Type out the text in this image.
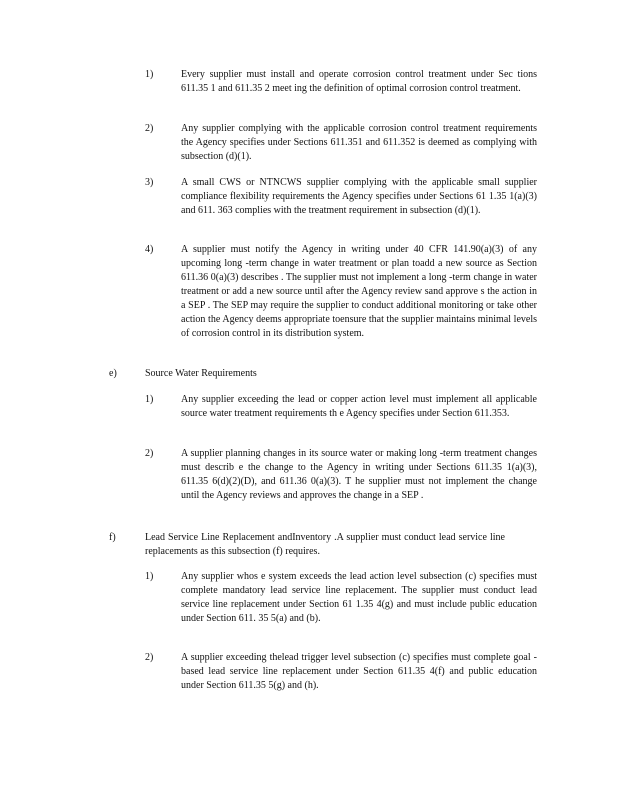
1)	Every supplier must install and operate corrosion control treatment under Sec tions 611.35 1 and 611.35 2 meet ing the definition of optimal corrosion control treatment.
2)	Any supplier complying with the applicable corrosion control treatment requirements the Agency specifies under Sections 611.351 and 611.352 is deemed as complying with subsection (d)(1).
3)	A small CWS or NTNCWS supplier complying with the applicable small supplier compliance flexibility requirements the Agency specifies under Sections 61 1.35 1(a)(3) and 611. 363 complies with the treatment requirement in subsection (d)(1).
4)	A supplier must notify the Agency in writing under 40 CFR 141.90(a)(3) of any upcoming long -term change in water treatment or plan toadd a new source as Section 611.36 0(a)(3) describes . The supplier must not implement a long -term change in water treatment or add a new source until after the Agency review sand approve s the action in a SEP . The SEP may require the supplier to conduct additional monitoring or take other action the Agency deems appropriate toensure that the supplier maintains minimal levels of corrosion control in its distribution system.
e)	Source Water Requirements
1)	Any supplier exceeding the lead or copper action level must implement all applicable source water treatment requirements th e Agency specifies under Section 611.353.
2)	A supplier planning changes in its source water or making long -term treatment changes must describ e the change to the Agency in writing under Sections 611.35 1(a)(3), 611.35 6(d)(2)(D), and 611.36 0(a)(3). T he supplier must not implement the change until the Agency reviews and approves the change in a SEP .
f)	Lead Service Line Replacement andInventory .A supplier must conduct lead service line replacements as this subsection (f) requires.
1)	Any supplier whos e system exceeds the lead action level subsection (c) specifies must complete mandatory lead service line replacement. The supplier must conduct lead service line replacement under Section 61 1.35 4(g) and must include public education under Section 611. 35 5(a) and (b).
2)	A supplier exceeding thelead trigger level subsection (c) specifies must complete goal -based lead service line replacement under Section 611.35 4(f) and public education under Section 611.35 5(g) and (h).
